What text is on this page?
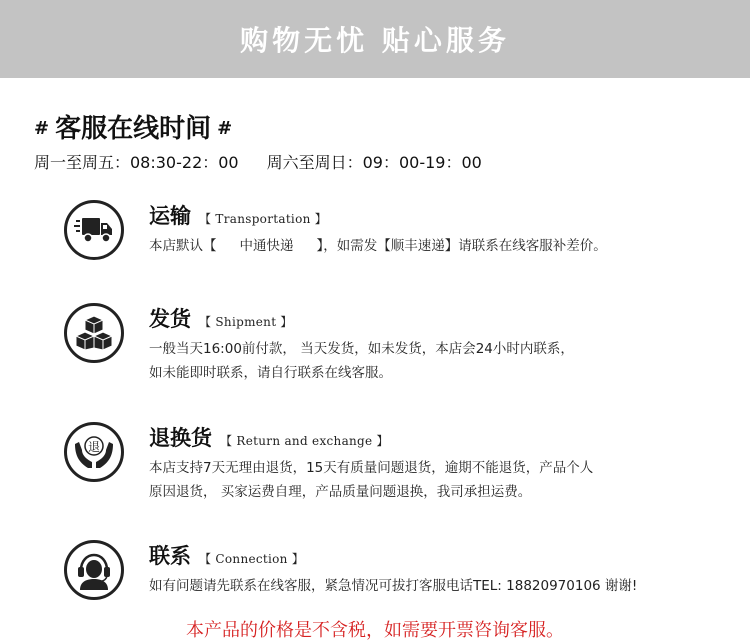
购物无忧 贴心服务
# 客服在线时间 #
周一至周五：08:30-22：00 周六至周日：09：00-19：00
运输 【 Transportation 】
本店默认【 中通快递 】，如需发【顺丰速递】请联系在线客服补差价。
发货 【 Shipment 】
一般当天16:00前付款， 当天发货，如未发货，本店会24小时内联系，
如未能即时联系，请自行联系在线客服。
退 退换货 【 Return and exchange 】
本店支持7天无理由退货，15天有质量问题退货，逾期不能退货，产品个人
原因退货， 买家运费自理，产品质量问题退换，我司承担运费。
联系 【 Connection 】
如有问题请先联系在线客服，紧急情况可拔打客服电话TEL: 18820970106 谢谢!
本产品的价格是不含税，如需要开票咨询客服。
